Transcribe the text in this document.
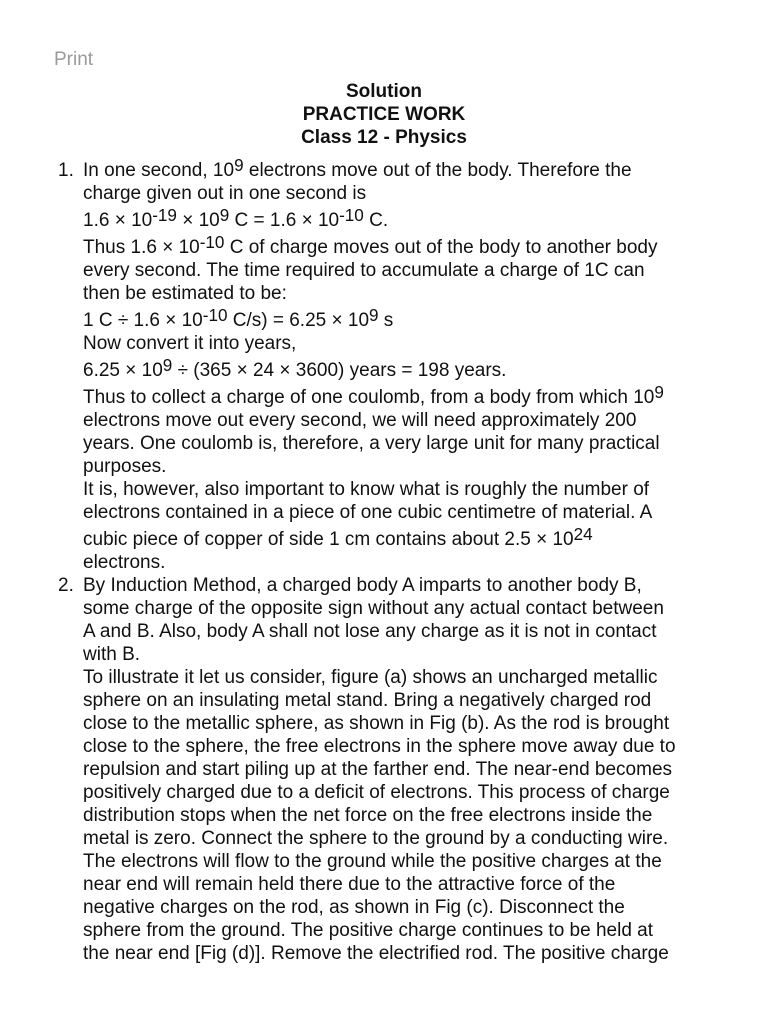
Print
Solution
PRACTICE WORK
Class 12 - Physics
1. In one second, $10^9$ electrons move out of the body. Therefore the
charge given out in one second is
$1.6 \times 10^{-19} \times 10^9$ $C = 1.6 \times 10^{-10}$ C.
Thus $1.6 \times 10^{-10}$ C of charge moves out of the body to another body
every second. The time required to accumulate a charge of 1C can
then be estimated to be:
1 $C \div 1.6 \times 10^{-10}$ $C/s) = 6.25 \times 10^9$ s
Now convert it into years,
$6.25 \times 10^9 \div (365 \times 24 \times 3600)$ years = 198 years.
Thus to collect a charge of one coulomb, from a body from which $10^9$
electrons move out every second, we will need approximately 200
years. One coulomb is, therefore, a very large unit for many practical
purposes.
It is, however, also important to know what is roughly the number of
electrons contained in a piece of one cubic centimetre of material. A
cubic piece of copper of side 1 cm contains about $2.5 \times 10^{24}$
electrons.
2. By Induction Method, a charged body A imparts to another body B,
some charge of the opposite sign without any actual contact between
A and B. Also, body A shall not lose any charge as it is not in contact
with B.
To illustrate it let us consider, figure (a) shows an uncharged metallic
sphere on an insulating metal stand. Bring a negatively charged rod
close to the metallic sphere, as shown in Fig (b). As the rod is brought
close to the sphere, the free electrons in the sphere move away due to
repulsion and start piling up at the farther end. The near-end becomes
positively charged due to a deficit of electrons. This process of charge
distribution stops when the net force on the free electrons inside the
metal is zero. Connect the sphere to the ground by a conducting wire.
The electrons will flow to the ground while the positive charges at the
near end will remain held there due to the attractive force of the
negative charges on the rod, as shown in Fig (c). Disconnect the
sphere from the ground. The positive charge continues to be held at
the near end [Fig (d)]. Remove the electrified rod. The positive charge
